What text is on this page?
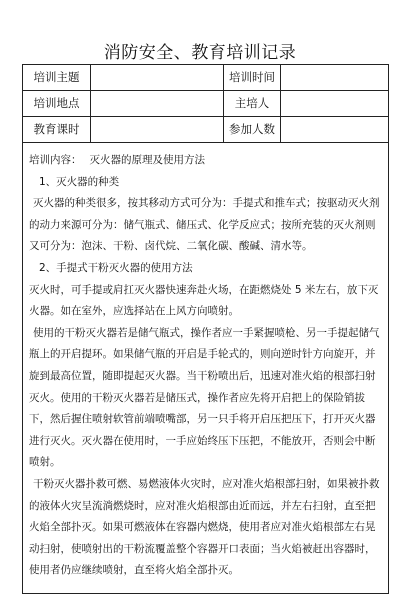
消防安全、教育培训记录
培训主题	培训时间
培训地点	主培人
教育课时	参加人数

培训内容： 灭火器的原理及使用方法

1、灭火器的种类

灭火器的种类很多，按其移动方式可分为：手提式和推车式；按驱动灭火剂的动力来源可分为：储气瓶式、储压式、化学反应式；按所充装的灭火剂则又可分为：泡沫、干粉、卤代烷、二氧化碳、酸碱、清水等。

2、手提式干粉灭火器的使用方法

灭火时，可手提或肩扛灭火器快速奔赴火场，在距燃烧处 5 米左右，放下灭火器。如在室外，应选择站在上风方向喷射。

使用的干粉灭火器若是储气瓶式，操作者应一手紧握喷枪、另一手提起储气瓶上的开启提环。如果储气瓶的开启是手轮式的，则向逆时针方向旋开，并旋到最高位置，随即提起灭火器。当干粉喷出后，迅速对准火焰的根部扫射灭火。使用的干粉灭火器若是储压式，操作者应先将开启把上的保险销拔下，然后握住喷射软管前端喷嘴部，另一只手将开启压把压下，打开灭火器进行灭火。灭火器在使用时，一手应始终压下压把，不能放开，否则会中断喷射。

干粉灭火器扑救可燃、易燃液体火灾时，应对准火焰根部扫射，如果被扑救的液体火灾呈流淌燃烧时，应对准火焰根部由近而远，并左右扫射，直至把火焰全部扑灭。如果可燃液体在容器内燃烧，使用者应对准火焰根部左右晃动扫射，使喷射出的干粉流覆盖整个容器开口表面；当火焰被赶出容器时，使用者仍应继续喷射，直至将火焰全部扑灭。
